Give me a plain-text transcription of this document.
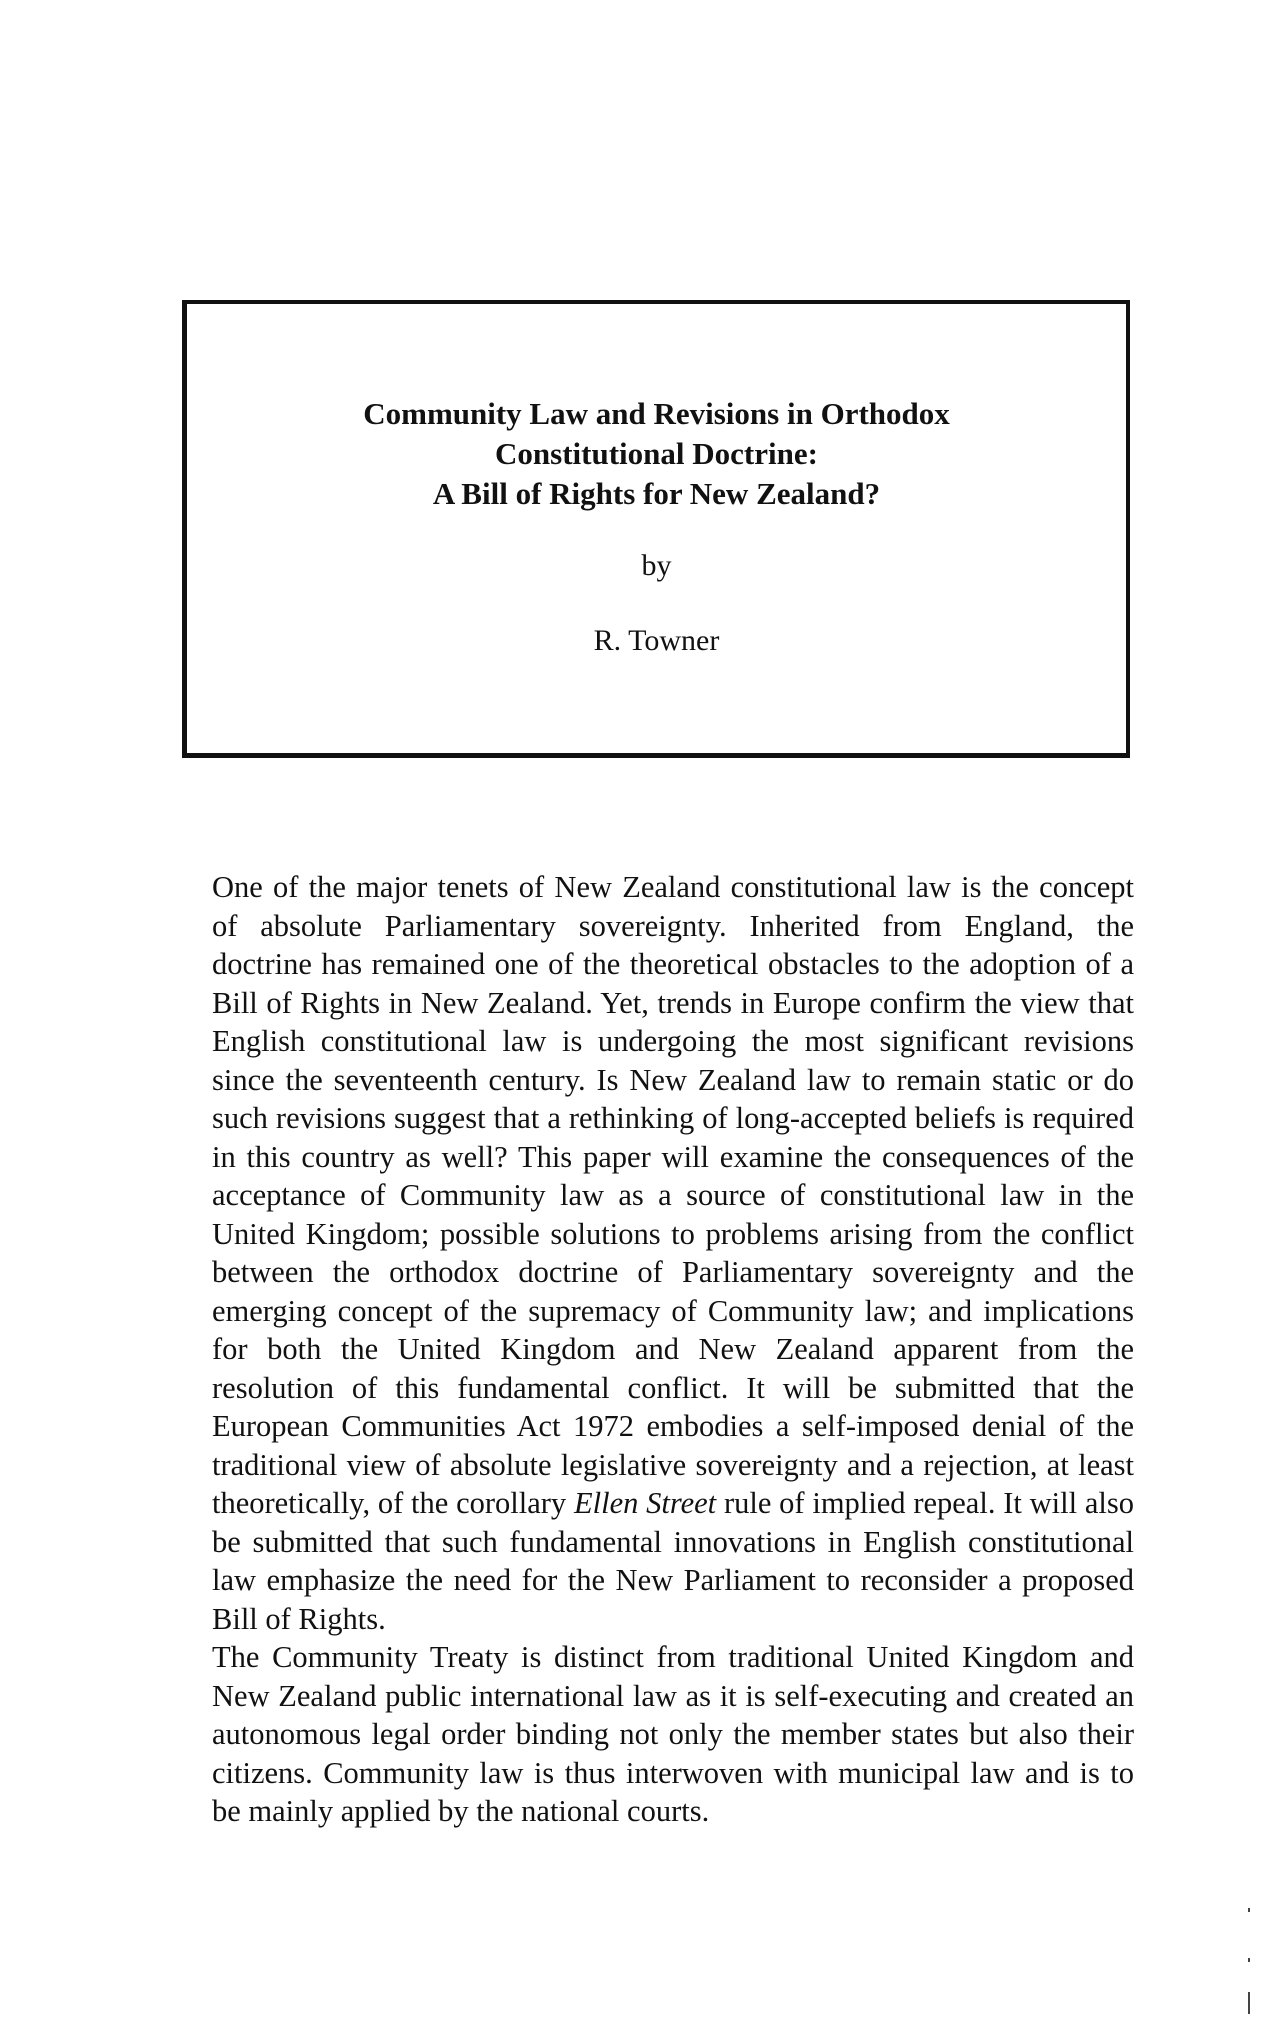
Community Law and Revisions in Orthodox
Constitutional Doctrine:
A Bill of Rights for New Zealand?
by
R. Towner

One of the major tenets of New Zealand constitutional law is the concept of absolute Parliamentary sovereignty. Inherited from England, the doctrine has remained one of the theoretical obstacles to the adoption of a Bill of Rights in New Zealand. Yet, trends in Europe confirm the view that English constitutional law is undergoing the most significant revisions since the seventeenth century. Is New Zealand law to remain static or do such revisions suggest that a rethinking of long-accepted beliefs is required in this country as well? This paper will examine the consequences of the acceptance of Community law as a source of constitutional law in the United Kingdom; possible solutions to problems arising from the conflict between the orthodox doctrine of Parliamentary sovereignty and the emerging concept of the supremacy of Community law; and implications for both the United Kingdom and New Zealand apparent from the resolution of this fundamental conflict. It will be submitted that the European Communities Act 1972 embodies a self-imposed denial of the traditional view of absolute legislative sovereignty and a rejection, at least theoretically, of the corollary Ellen Street rule of implied repeal. It will also be submitted that such fundamental innovations in English constitutional law emphasize the need for the New Parliament to reconsider a proposed Bill of Rights.

The Community Treaty is distinct from traditional United Kingdom and New Zealand public international law as it is self-executing and created an autonomous legal order binding not only the member states but also their citizens. Community law is thus interwoven with municipal law and is to be mainly applied by the national courts.
